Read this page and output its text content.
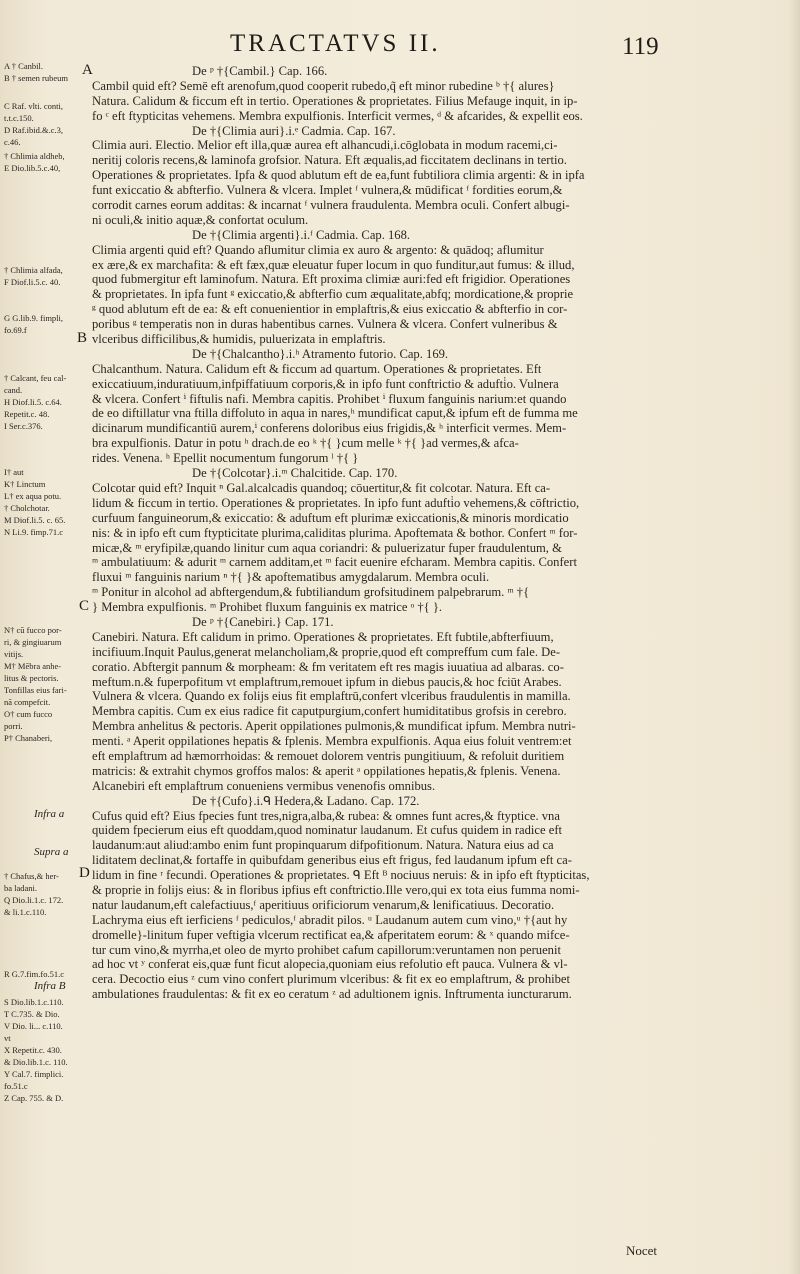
TRACTATVS II.	119
A † Canbil.
B † semen rubeum
C Raf. vlti. conti,
t.t.c.150.
D Raf.ibid.&.c.3,
c.46.
† Chlimia aldheb,
E Dio.lib.5.c.40,
† Chlimia alfada,
F Diof.li.5.c. 40.
G G.lib.9. fimpli,
fo.69.f
† Calcant, feu cal-
cand.
H Diof.li.5. c.64.
Repetit.c. 48.
I Ser.c.376.
I† aut
K† Linctum
L† ex aqua potu.
† Cholchotar.
M Diof.li.5. c. 65.
N Li.9. fimp.71.c
N† cū fucco por-
ri, & gingiuarum
vitijs.
M† Mēbra anhe-
litus & pectoris.
Tonfillas eius fari-
nā compefcit.
O† cum fucco
porri.
P† Chanaberi,
Infra a
Supra a
† Chafus,& her-
ba ladani.
Q Dio.li.1.c. 172.
& li.1.c.110.
R G.7.fim.fo.51.c
Infra B
S Dio.lib.1.c.110.
T C.735. & Dio.
V Dio. li... c.110.
vt
X Repetit.c. 430.
& Dio.lib.1.c. 110.
Y Cal.7. fimplici.
fo.51.c
Z Cap. 755. & D.
A
B
C
D
De ᵖ †{Cambil.} Cap. 166.
Cambil quid eft? Semē eft arenofum,quod cooperit rubedo,q̃ eft minor rubedine ᵇ †{ alures}
Natura. Calidum & ficcum eft in tertio. Operationes & proprietates. Filius Mefauge inquit, in ip-
fo ᶜ eft ftypticitas vehemens. Membra expulfionis. Interficit vermes, ᵈ & afcarides, & expellit eos.
De †{Climia auri}.i.ᵉ Cadmia. Cap. 167.
Climia auri. Electio. Melior eft illa,quæ aurea eft alhancudi,i.cōglobata in modum racemi,ci-
neritij coloris recens,& laminofa grofsior. Natura. Eft æqualis,ad ficcitatem declinans in tertio.
Operationes & proprietates. Ipfa & quod ablutum eft de ea,funt fubtiliora climia argenti: & in ipfa
funt exiccatio & abfterfio. Vulnera & vlcera. Implet ᶠ vulnera,& mūdificat ᶠ fordities eorum,&
corrodit carnes eorum additas: & incarnat ᶠ vulnera fraudulenta. Membra oculi. Confert albugi-
ni oculi,& initio aquæ,& confortat oculum.
De †{Climia argenti}.i.ᶠ Cadmia. Cap. 168.
Climia argenti quid eft? Quando aflumitur climia ex auro & argento: & quādoq; aflumitur
ex ære,& ex marchafita: & eft fæx,quæ eleuatur fuper locum in quo funditur,aut fumus: & illud,
quod fubmergitur eft laminofum. Natura. Eft proxima climiæ auri:fed eft frigidior. Operationes
& proprietates. In ipfa funt ᵍ exiccatio,& abfterfio cum æqualitate,abfq; mordicatione,& proprie
ᵍ quod ablutum eft de ea: & eft conuenientior in emplaftris,& eius exiccatio & abfterfio in cor-
poribus ᵍ temperatis non in duras habentibus carnes. Vulnera & vlcera. Confert vulneribus &
vlceribus difficilibus,& humidis, puluerizata in emplaftris.
De †{Chalcantho}.i.ʰ Atramento futorio. Cap. 169.
Chalcanthum. Natura. Calidum eft & ficcum ad quartum. Operationes & proprietates. Eft
exiccatiuum,induratiuum,infpiffatiuum corporis,& in ipfo funt conftrictio & adufti̇o. Vulnera
& vlcera. Confert ⁱ fiftulis nafi. Membra capitis. Prohibet ⁱ fluxum fanguinis narium:et quando
de eo diftillatur vna ftilla diffoluto in aqua in nares,ʰ mundificat caput,& ipfum eft de fumma me
dicinarum mundificantiū aurem,ⁱ conferens doloribus eius frigidis,& ʰ interficit vermes. Mem-
bra expulfionis. Datur in potu ʰ drach.de eo ᵏ †{ }cum melle ᵏ †{ }ad vermes,& afca-
rides. Venena. ʰ Epellit nocumentum fungorum ˡ †{ }
De †{Colcotar}.i.ᵐ Chalcitide. Cap. 170.
Colcotar quid eft? Inquit ⁿ Gal.alcalcadis quandoq; cōuertitur,& fit colcotar. Natura. Eft ca-
lidum & ficcum in tertio. Operationes & proprietates. In ipfo funt adufti̇o vehemens,& cōftrictio,
curfuum fanguineorum,& exiccatio: & aduftum eft plurimæ exiccationis,& minoris mordicatio
nis: & in ipfo eft cum ftypticitate plurima,caliditas plurima. Apoftemata & bothor. Confert ᵐ for-
micæ,& ᵐ eryfipilæ,quando linitur cum aqua coriandri: & puluerizatur fuper fraudulentum, &
ᵐ ambulatiuum: & adurit ᵐ carnem additam,et ᵐ facit euenire efcharam. Membra capitis. Confert
fluxui ᵐ fanguinis narium ⁿ †{ }& apoftematibus amygdalarum. Membra oculi.
ᵐ Ponitur in alcohol ad abftergendum,& fubtiliandum grofsitudinem palpebrarum. ᵐ †{
} Membra expulfionis. ᵐ Prohibet fluxum fanguinis ex matrice ᵒ †{ }.
De ᵖ †{Canebiri.} Cap. 171.
Canebiri. Natura. Eft calidum in primo. Operationes & proprietates. Eft fubtile,abfterfiuum,
incifiuum.Inquit Paulus,generat melancholiam,& proprie,quod eft compreffum cum fale. De-
coratio. Abftergit pannum & morpheam: & fm veritatem eft res magis iuuatiua ad albaras. co-
meftum.n.& fuperpofitum vt emplaftrum,remouet ipfum in diebus paucis,& hoc fciūt Arabes.
Vulnera & vlcera. Quando ex folijs eius fit emplaftrū,confert vlceribus fraudulentis in mamilla.
Membra capitis. Cum ex eius radice fit caputpurgium,confert humiditatibus grofsis in cerebro.
Membra anhelitus & pectoris. Aperit oppilationes pulmonis,& mundificat ipfum. Membra nutri-
menti. ᵃ Aperit oppilationes hepatis & fplenis. Membra expulfionis. Aqua eius foluit ventrem:et
eft emplaftrum ad hæmorrhoidas: & remouet dolorem ventris pungitiuum, & refoluit duritiem
matricis: & extrahit chymos groffos malos: & aperit ᵃ oppilationes hepatis,& fplenis. Venena.
Alcanebiri eft emplaftrum conueniens vermibus venenofis omnibus.
De †{Cufo}.i.ᑫ Hedera,& Ladano. Cap. 172.
Cufus quid eft? Eius fpecies funt tres,nigra,alba,& rubea: & omnes funt acres,& ftyptice. vna
quidem fpecierum eius eft quoddam,quod nominatur laudanum. Et cufus quidem in radice eft
laudanum:aut aliud:ambo enim funt propinquarum difpofitionum. Natura. Natura eius ad ca
liditatem declinat,& fortaffe in quibufdam generibus eius eft frigus, fed laudanum ipfum eft ca-
lidum in fine ʳ fecundi. Operationes & proprietates. ᑫ Eft ᴮ nociuus neruis: & in ipfo eft ftypticitas,
& proprie in folijs eius: & in floribus ipfius eft conftrictio.Ille vero,qui ex tota eius fumma nomi-
natur laudanum,eft calefactiuus,ᶠ aperitiuus orificiorum venarum,& lenificatiuus. Decoratio.
Lachryma eius eft ierficiens ᶠ pediculos,ᶠ abradit pilos. ᵘ Laudanum autem cum vino,ᵘ †{aut hy
dromelle}-linitum fuper veftigia vlcerum rectificat ea,& afperitatem eorum: & ˣ quando mifce-
tur cum vino,& myrrha,et oleo de myrto prohibet cafum capillorum:veruntamen non peruenit
ad hoc vt ʸ conferat eis,quæ funt ficut alopecia,quoniam eius refolutio eft pauca. Vulnera & vl-
cera. Decoctio eius ᶻ cum vino confert plurimum vlceribus: & fit ex eo emplaftrum, & prohibet
ambulationes fraudulentas: & fit ex eo ceratum ᶻ ad adultionem ignis. Inftrumenta iuncturarum.
Nocet
